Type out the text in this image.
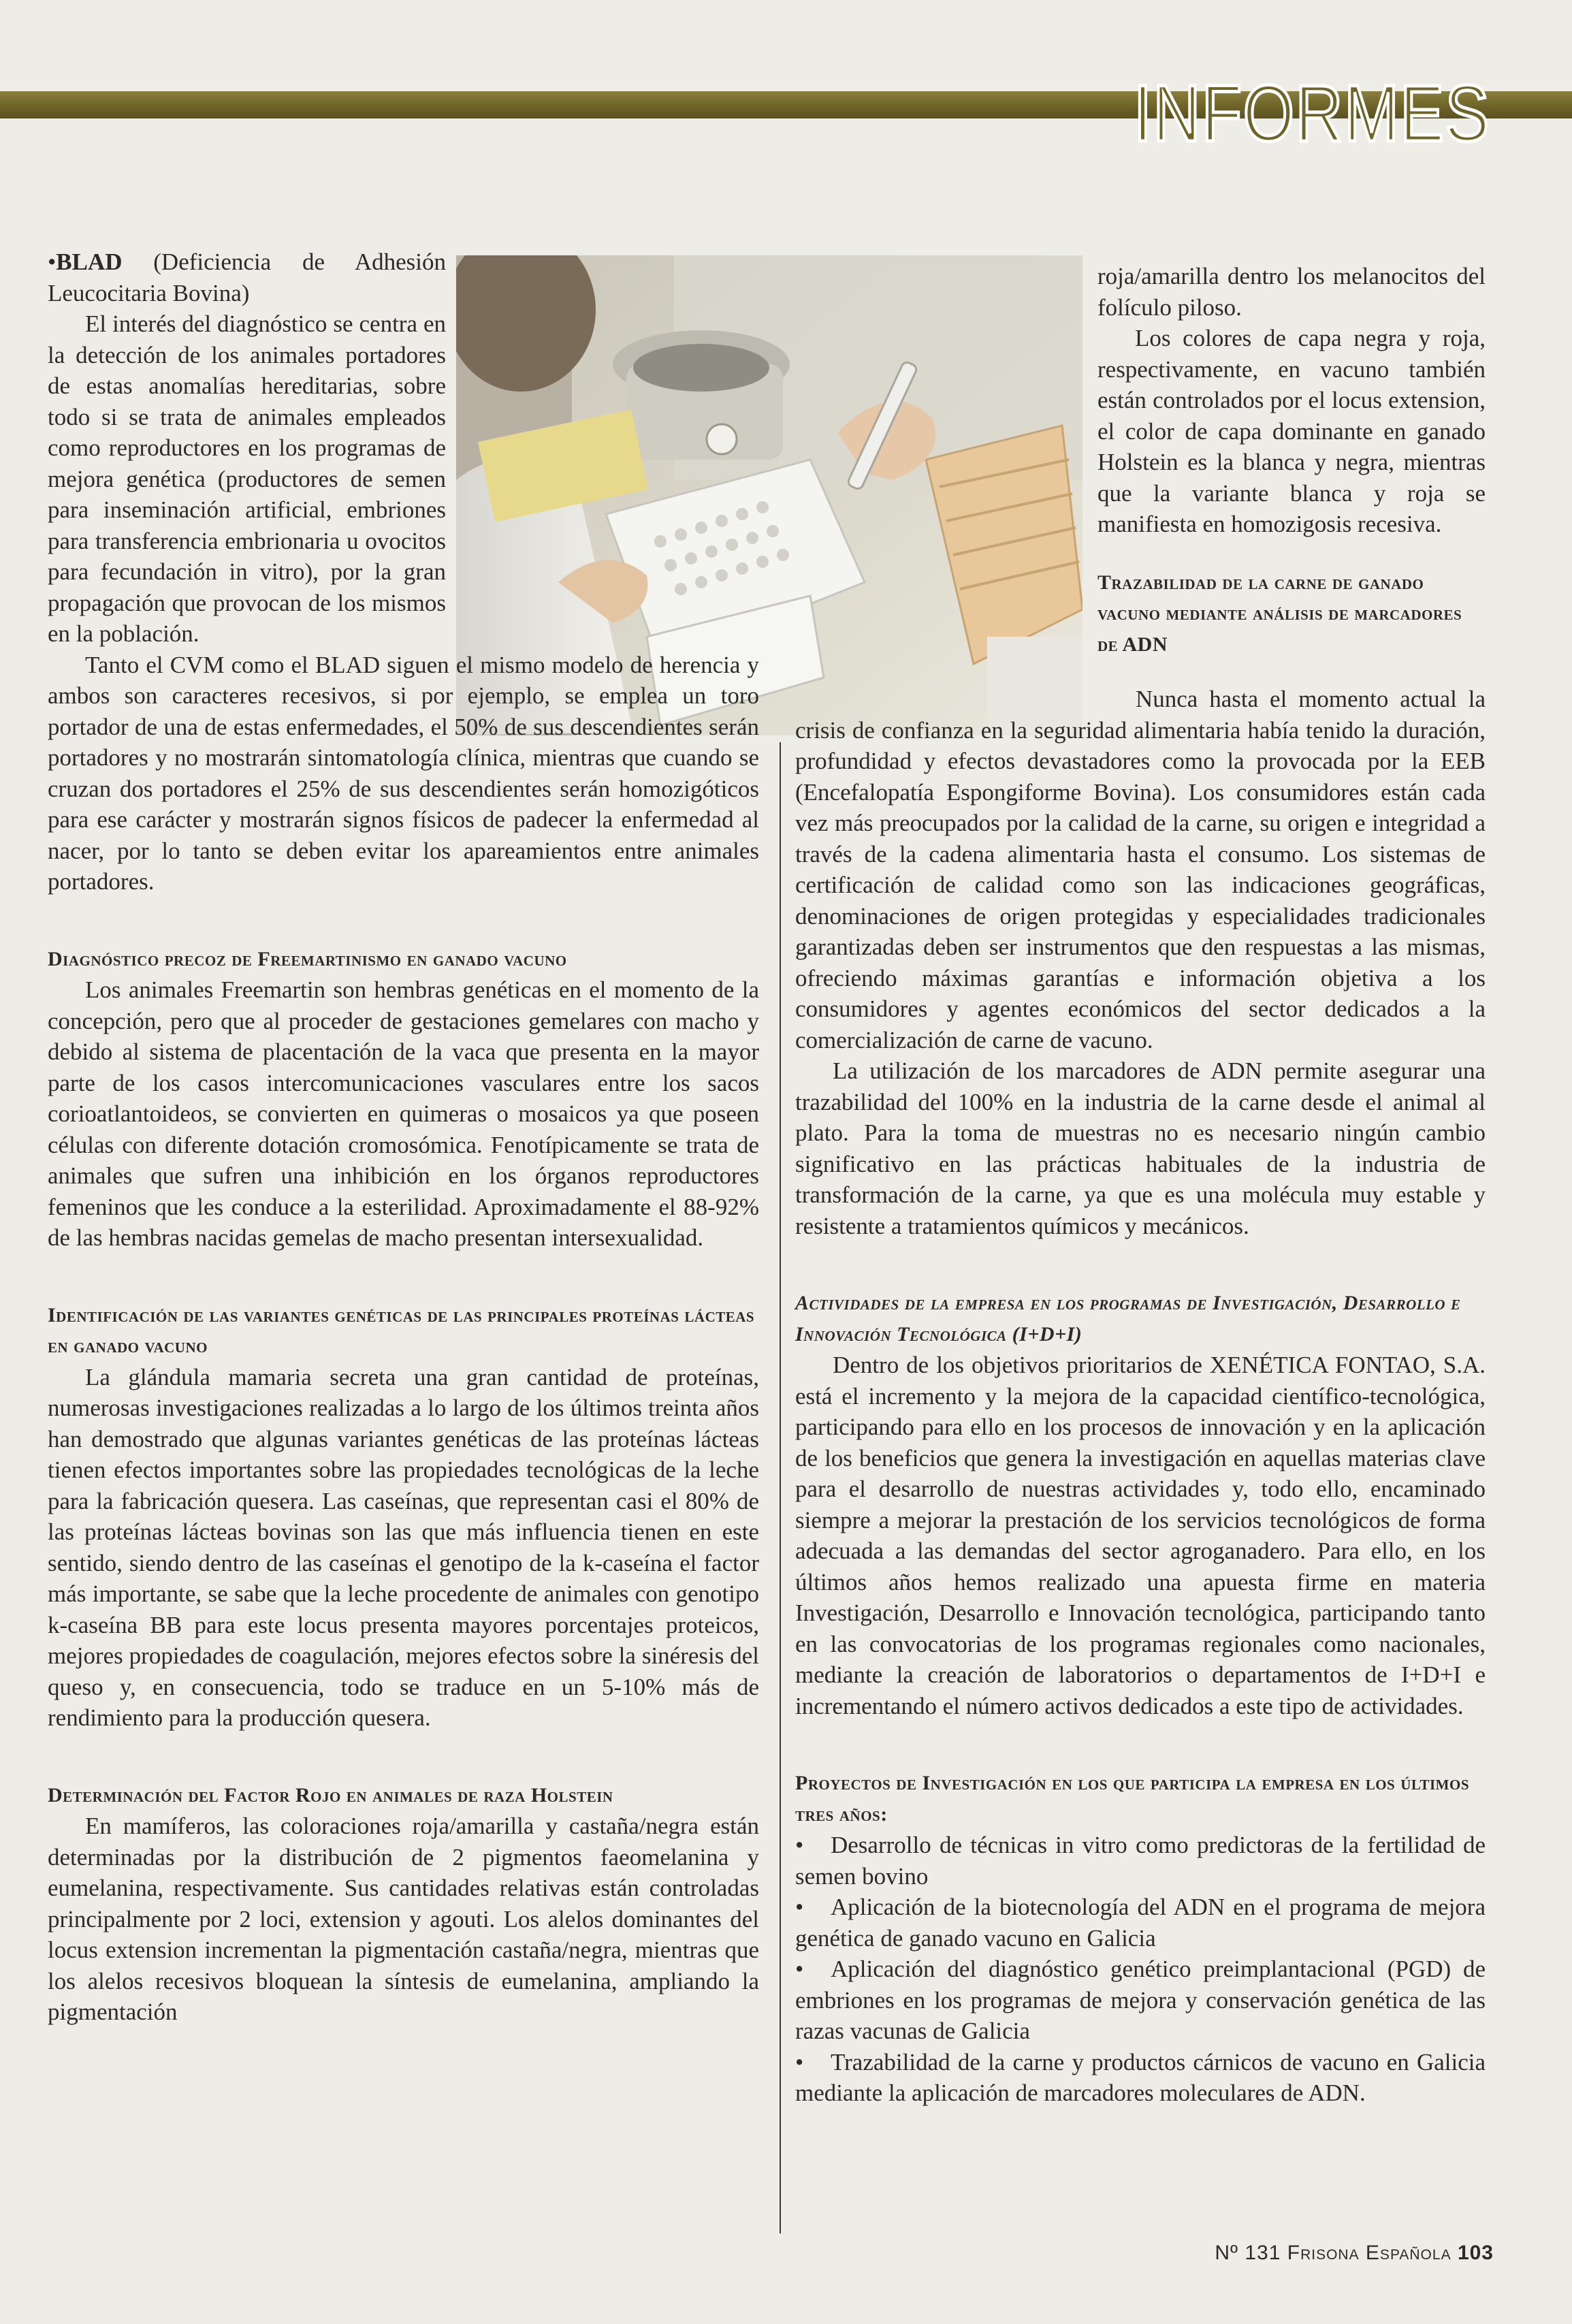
INFORMES

•BLAD (Deficiencia de Adhesión Leucocitaria Bovina)

El interés del diagnóstico se centra en la detección de los animales portadores de estas anomalías hereditarias, sobre todo si se trata de animales empleados como reproductores en los programas de mejora genética (productores de semen para inseminación artificial, embriones para transferencia embrionaria u ovocitos para fecundación in vitro), por la gran propagación que provocan de los mismos en la población.

Tanto el CVM como el BLAD siguen el mismo modelo de herencia y ambos son caracteres recesivos, si por ejemplo, se emplea un toro portador de una de estas enfermedades, el 50% de sus descendientes serán portadores y no mostrarán sintomatología clínica, mientras que cuando se cruzan dos portadores el 25% de sus descendientes serán homozigóticos para ese carácter y mostrarán signos físicos de padecer la enfermedad al nacer, por lo tanto se deben evitar los apareamientos entre animales portadores.

Diagnóstico precoz de Freemartinismo en ganado vacuno

Los animales Freemartin son hembras genéticas en el momento de la concepción, pero que al proceder de gestaciones gemelares con macho y debido al sistema de placentación de la vaca que presenta en la mayor parte de los casos intercomunicaciones vasculares entre los sacos corioatlantoideos, se convierten en quimeras o mosaicos ya que poseen células con diferente dotación cromosómica. Fenotípicamente se trata de animales que sufren una inhibición en los órganos reproductores femeninos que les conduce a la esterilidad. Aproximadamente el 88-92% de las hembras nacidas gemelas de macho presentan intersexualidad.

Identificación de las variantes genéticas de las principales proteínas lácteas en ganado vacuno

La glándula mamaria secreta una gran cantidad de proteínas, numerosas investigaciones realizadas a lo largo de los últimos treinta años han demostrado que algunas variantes genéticas de las proteínas lácteas tienen efectos importantes sobre las propiedades tecnológicas de la leche para la fabricación quesera. Las caseínas, que representan casi el 80% de las proteínas lácteas bovinas son las que más influencia tienen en este sentido, siendo dentro de las caseínas el genotipo de la k-caseína el factor más importante, se sabe que la leche procedente de animales con genotipo k-caseína BB para este locus presenta mayores porcentajes proteicos, mejores propiedades de coagulación, mejores efectos sobre la sinéresis del queso y, en consecuencia, todo se traduce en un 5-10% más de rendimiento para la producción quesera.

Determinación del Factor Rojo en animales de raza Holstein

En mamíferos, las coloraciones roja/amarilla y castaña/negra están determinadas por la distribución de 2 pigmentos faeomelanina y eumelanina, respectivamente. Sus cantidades relativas están controladas principalmente por 2 loci, extension y agouti. Los alelos dominantes del locus extension incrementan la pigmentación castaña/negra, mientras que los alelos recesivos bloquean la síntesis de eumelanina, ampliando la pigmentación

roja/amarilla dentro los melanocitos del folículo piloso.

Los colores de capa negra y roja, respectivamente, en vacuno también están controlados por el locus extension, el color de capa dominante en ganado Holstein es la blanca y negra, mientras que la variante blanca y roja se manifiesta en homozigosis recesiva.

Trazabilidad de la carne de ganado vacuno mediante análisis de marcadores de ADN

Nunca hasta el momento actual la crisis de confianza en la seguridad alimentaria había tenido la duración, profundidad y efectos devastadores como la provocada por la EEB (Encefalopatía Espongiforme Bovina). Los consumidores están cada vez más preocupados por la calidad de la carne, su origen e integridad a través de la cadena alimentaria hasta el consumo. Los sistemas de certificación de calidad como son las indicaciones geográficas, denominaciones de origen protegidas y especialidades tradicionales garantizadas deben ser instrumentos que den respuestas a las mismas, ofreciendo máximas garantías e información objetiva a los consumidores y agentes económicos del sector dedicados a la comercialización de carne de vacuno.

La utilización de los marcadores de ADN permite asegurar una trazabilidad del 100% en la industria de la carne desde el animal al plato. Para la toma de muestras no es necesario ningún cambio significativo en las prácticas habituales de la industria de transformación de la carne, ya que es una molécula muy estable y resistente a tratamientos químicos y mecánicos.

Actividades de la empresa en los programas de Investigación, Desarrollo e Innovación Tecnológica (I+D+I)

Dentro de los objetivos prioritarios de XENÉTICA FONTAO, S.A. está el incremento y la mejora de la capacidad científico-tecnológica, participando para ello en los procesos de innovación y en la aplicación de los beneficios que genera la investigación en aquellas materias clave para el desarrollo de nuestras actividades y, todo ello, encaminado siempre a mejorar la prestación de los servicios tecnológicos de forma adecuada a las demandas del sector agroganadero. Para ello, en los últimos años hemos realizado una apuesta firme en materia Investigación, Desarrollo e Innovación tecnológica, participando tanto en las convocatorias de los programas regionales como nacionales, mediante la creación de laboratorios o departamentos de I+D+I e incrementando el número activos dedicados a este tipo de actividades.

Proyectos de Investigación en los que participa la empresa en los últimos tres años:

• Desarrollo de técnicas in vitro como predictoras de la fertilidad de semen bovino

• Aplicación de la biotecnología del ADN en el programa de mejora genética de ganado vacuno en Galicia

• Aplicación del diagnóstico genético preimplantacional (PGD) de embriones en los programas de mejora y conservación genética de las razas vacunas de Galicia

• Trazabilidad de la carne y productos cárnicos de vacuno en Galicia mediante la aplicación de marcadores moleculares de ADN.

Nº 131 Frisona Española 103
